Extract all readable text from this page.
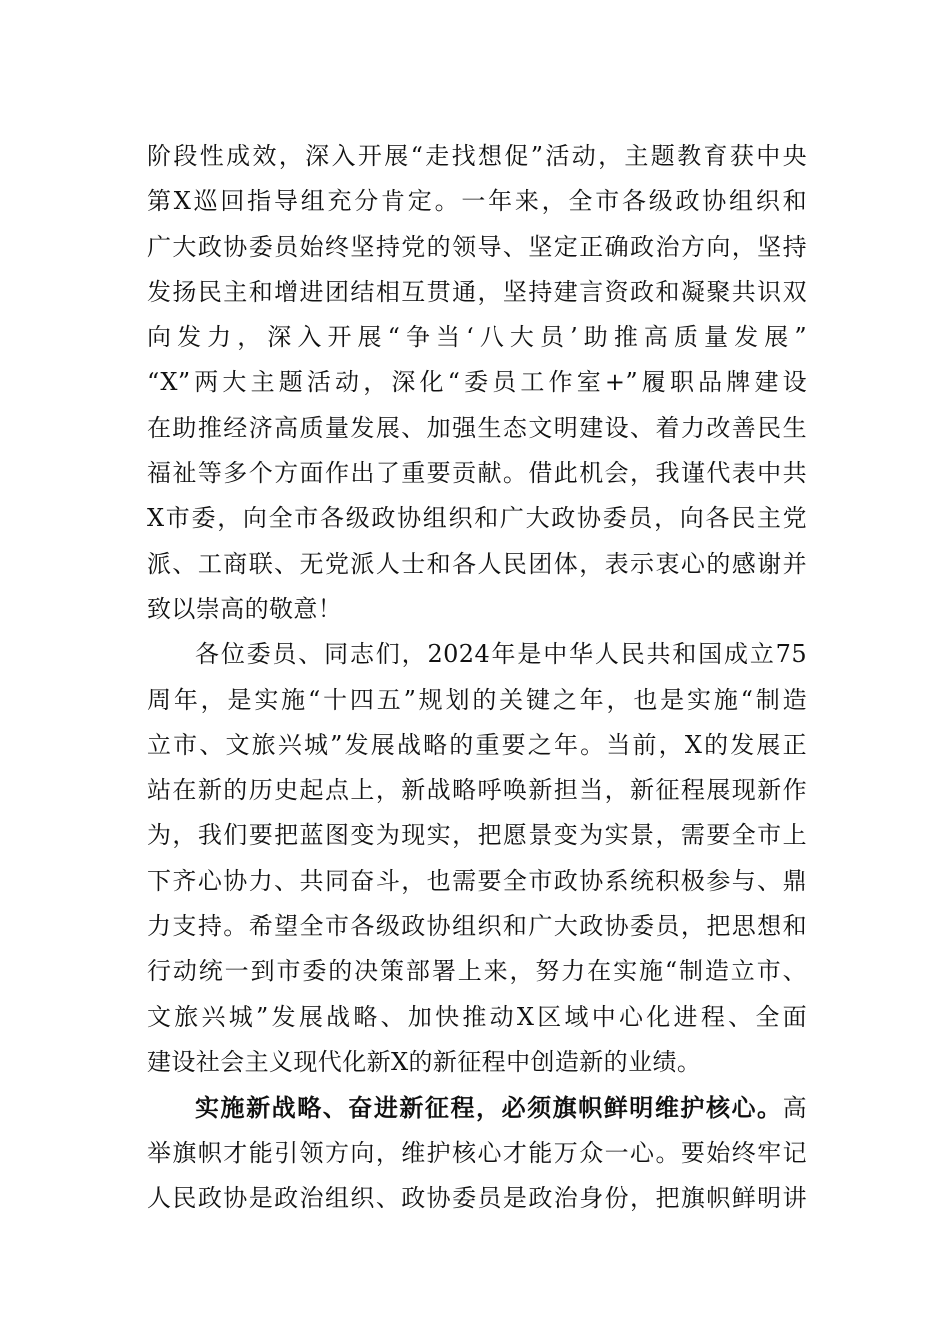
阶段性成效，深入开展“走找想促”活动，主题教育获中央
第X巡回指导组充分肯定。一年来，全市各级政协组织和
广大政协委员始终坚持党的领导、坚定正确政治方向，坚持
发扬民主和增进团结相互贯通，坚持建言资政和凝聚共识双
向发力，深入开展“争当‘八大员’助推高质量发展”
“X”两大主题活动，深化“委员工作室+”履职品牌建设
在助推经济高质量发展、加强生态文明建设、着力改善民生
福祉等多个方面作出了重要贡献。借此机会，我谨代表中共
X市委，向全市各级政协组织和广大政协委员，向各民主党
派、工商联、无党派人士和各人民团体，表示衷心的感谢并
致以崇高的敬意！
各位委员、同志们，2024年是中华人民共和国成立75
周年，是实施“十四五”规划的关键之年，也是实施“制造
立市、文旅兴城”发展战略的重要之年。当前，X的发展正
站在新的历史起点上，新战略呼唤新担当，新征程展现新作
为，我们要把蓝图变为现实，把愿景变为实景，需要全市上
下齐心协力、共同奋斗，也需要全市政协系统积极参与、鼎
力支持。希望全市各级政协组织和广大政协委员，把思想和
行动统一到市委的决策部署上来，努力在实施“制造立市、
文旅兴城”发展战略、加快推动X区域中心化进程、全面
建设社会主义现代化新X的新征程中创造新的业绩。
实施新战略、奋进新征程，必须旗帜鲜明维护核心。高
举旗帜才能引领方向，维护核心才能万众一心。要始终牢记
人民政协是政治组织、政协委员是政治身份，把旗帜鲜明讲
